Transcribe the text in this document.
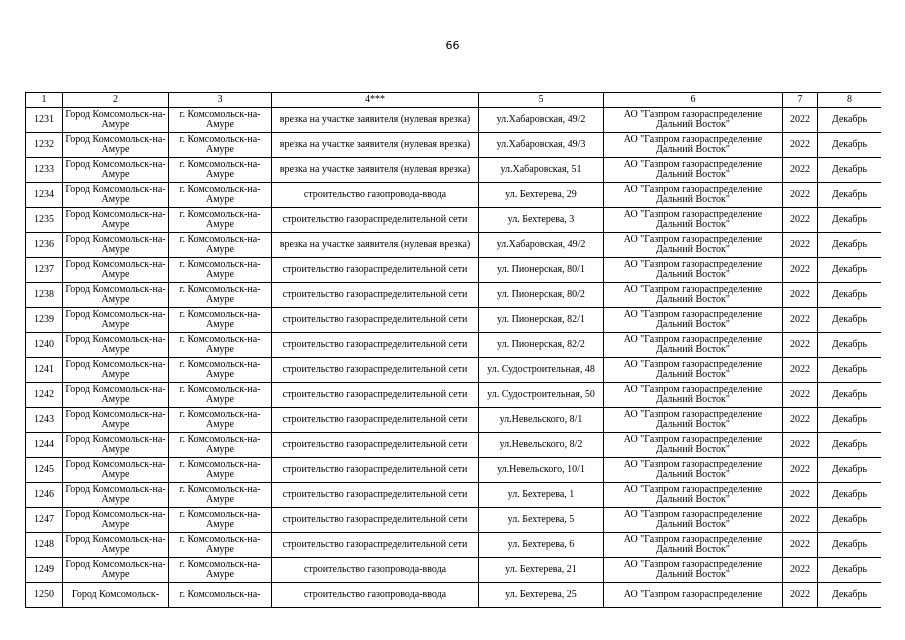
66
1	2	3	4***	5	6	7	8
1231	Город Комсомольск-на-Амуре	г. Комсомольск-на-Амуре	врезка на участке заявителя (нулевая врезка)	ул.Хабаровская, 49/2	АО "Газпром газораспределение Дальний Восток"	2022	Декабрь
1232	Город Комсомольск-на-Амуре	г. Комсомольск-на-Амуре	врезка на участке заявителя (нулевая врезка)	ул.Хабаровская, 49/3	АО "Газпром газораспределение Дальний Восток"	2022	Декабрь
1233	Город Комсомольск-на-Амуре	г. Комсомольск-на-Амуре	врезка на участке заявителя (нулевая врезка)	ул.Хабаровская, 51	АО "Газпром газораспределение Дальний Восток"	2022	Декабрь
1234	Город Комсомольск-на-Амуре	г. Комсомольск-на-Амуре	строительство газопровода-ввода	ул. Бехтерева, 29	АО "Газпром газораспределение Дальний Восток"	2022	Декабрь
1235	Город Комсомольск-на-Амуре	г. Комсомольск-на-Амуре	строительство газораспределительной сети	ул. Бехтерева, 3	АО "Газпром газораспределение Дальний Восток"	2022	Декабрь
1236	Город Комсомольск-на-Амуре	г. Комсомольск-на-Амуре	врезка на участке заявителя (нулевая врезка)	ул.Хабаровская, 49/2	АО "Газпром газораспределение Дальний Восток"	2022	Декабрь
1237	Город Комсомольск-на-Амуре	г. Комсомольск-на-Амуре	строительство газораспределительной сети	ул. Пионерская, 80/1	АО "Газпром газораспределение Дальний Восток"	2022	Декабрь
1238	Город Комсомольск-на-Амуре	г. Комсомольск-на-Амуре	строительство газораспределительной сети	ул. Пионерская, 80/2	АО "Газпром газораспределение Дальний Восток"	2022	Декабрь
1239	Город Комсомольск-на-Амуре	г. Комсомольск-на-Амуре	строительство газораспределительной сети	ул. Пионерская, 82/1	АО "Газпром газораспределение Дальний Восток"	2022	Декабрь
1240	Город Комсомольск-на-Амуре	г. Комсомольск-на-Амуре	строительство газораспределительной сети	ул. Пионерская, 82/2	АО "Газпром газораспределение Дальний Восток"	2022	Декабрь
1241	Город Комсомольск-на-Амуре	г. Комсомольск-на-Амуре	строительство газораспределительной сети	ул. Судостроительная, 48	АО "Газпром газораспределение Дальний Восток"	2022	Декабрь
1242	Город Комсомольск-на-Амуре	г. Комсомольск-на-Амуре	строительство газораспределительной сети	ул. Судостроительная, 50	АО "Газпром газораспределение Дальний Восток"	2022	Декабрь
1243	Город Комсомольск-на-Амуре	г. Комсомольск-на-Амуре	строительство газораспределительной сети	ул.Невельского, 8/1	АО "Газпром газораспределение Дальний Восток"	2022	Декабрь
1244	Город Комсомольск-на-Амуре	г. Комсомольск-на-Амуре	строительство газораспределительной сети	ул.Невельского, 8/2	АО "Газпром газораспределение Дальний Восток"	2022	Декабрь
1245	Город Комсомольск-на-Амуре	г. Комсомольск-на-Амуре	строительство газораспределительной сети	ул.Невельского, 10/1	АО "Газпром газораспределение Дальний Восток"	2022	Декабрь
1246	Город Комсомольск-на-Амуре	г. Комсомольск-на-Амуре	строительство газораспределительной сети	ул. Бехтерева, 1	АО "Газпром газораспределение Дальний Восток"	2022	Декабрь
1247	Город Комсомольск-на-Амуре	г. Комсомольск-на-Амуре	строительство газораспределительной сети	ул. Бехтерева, 5	АО "Газпром газораспределение Дальний Восток"	2022	Декабрь
1248	Город Комсомольск-на-Амуре	г. Комсомольск-на-Амуре	строительство газораспределительной сети	ул. Бехтерева, 6	АО "Газпром газораспределение Дальний Восток"	2022	Декабрь
1249	Город Комсомольск-на-Амуре	г. Комсомольск-на-Амуре	строительство газопровода-ввода	ул. Бехтерева, 21	АО "Газпром газораспределение Дальний Восток"	2022	Декабрь
1250	Город Комсомольск-	г. Комсомольск-на-	строительство газопровода-ввода	ул. Бехтерева, 25	АО "Газпром газораспределение	2022	Декабрь
